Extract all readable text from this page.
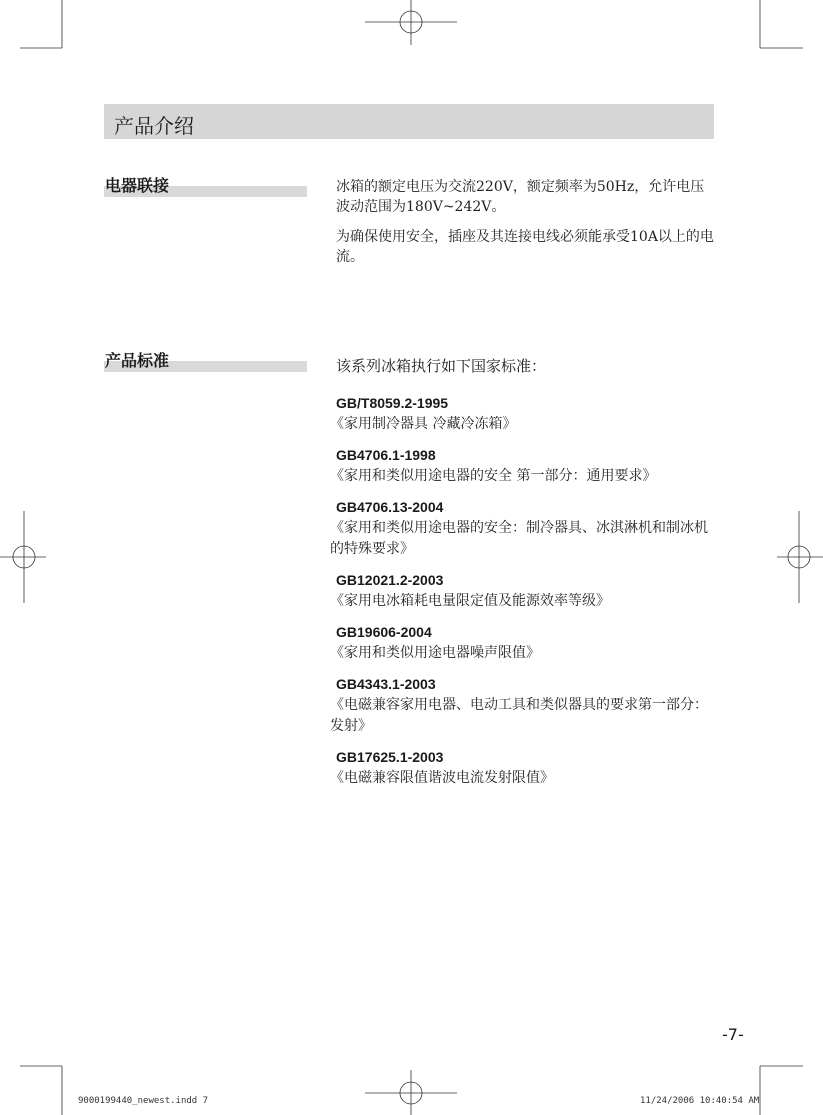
产品介绍
电器联接	冰箱的额定电压为交流220V，额定频率为50Hz，允许电压波动范围为180V~242V。

为确保使用安全，插座及其连接电线必须能承受10A以上的电流。

产品标准	该系列冰箱执行如下国家标准：
GB/T8059.2-1995
《家用制冷器具 冷藏冷冻箱》
GB4706.1-1998
《家用和类似用途电器的安全 第一部分：通用要求》
GB4706.13-2004
《家用和类似用途电器的安全：制冷器具、冰淇淋机和制冰机的特殊要求》
GB12021.2-2003
《家用电冰箱耗电量限定值及能源效率等级》
GB19606-2004
《家用和类似用途电器噪声限值》
GB4343.1-2003
《电磁兼容家用电器、电动工具和类似器具的要求第一部分：发射》
GB17625.1-2003
《电磁兼容限值谐波电流发射限值》
-7-
9000199440_newest.indd 7	11/24/2006 10:40:54 AM
